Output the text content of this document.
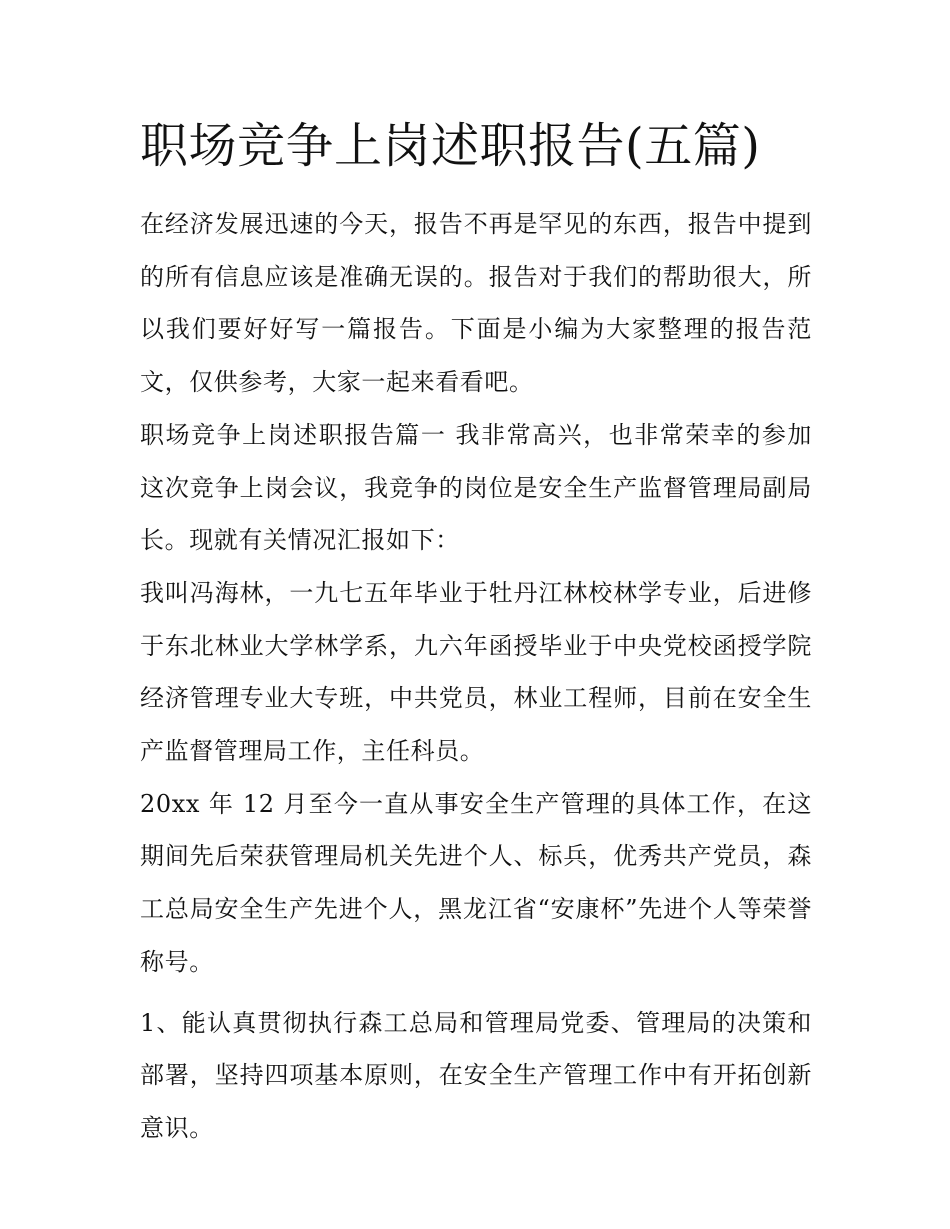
职场竞争上岗述职报告(五篇)

在经济发展迅速的今天，报告不再是罕见的东西，报告中提到的所有信息应该是准确无误的。报告对于我们的帮助很大，所以我们要好好写一篇报告。下面是小编为大家整理的报告范文，仅供参考，大家一起来看看吧。

职场竞争上岗述职报告篇一 我非常高兴，也非常荣幸的参加这次竞争上岗会议，我竞争的岗位是安全生产监督管理局副局长。现就有关情况汇报如下：

我叫冯海林，一九七五年毕业于牡丹江林校林学专业，后进修于东北林业大学林学系，九六年函授毕业于中央党校函授学院经济管理专业大专班，中共党员，林业工程师，目前在安全生产监督管理局工作，主任科员。

20xx 年 12 月至今一直从事安全生产管理的具体工作，在这期间先后荣获管理局机关先进个人、标兵，优秀共产党员，森工总局安全生产先进个人，黑龙江省“安康杯”先进个人等荣誉称号。

1、能认真贯彻执行森工总局和管理局党委、管理局的决策和部署，坚持四项基本原则，在安全生产管理工作中有开拓创新意识。
